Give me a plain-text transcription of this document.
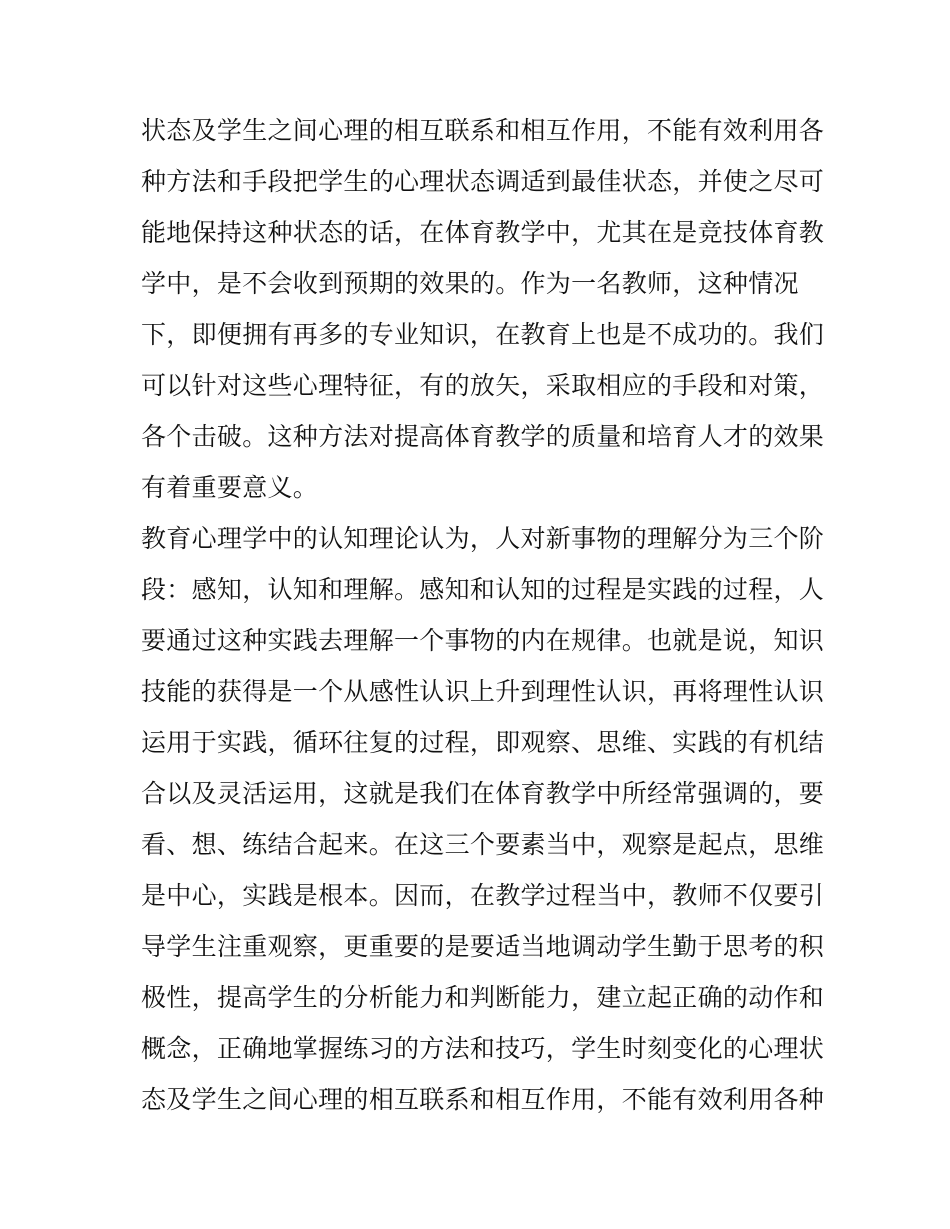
状态及学生之间心理的相互联系和相互作用，不能有效利用各
种方法和手段把学生的心理状态调适到最佳状态，并使之尽可
能地保持这种状态的话，在体育教学中，尤其在是竞技体育教
学中，是不会收到预期的效果的。作为一名教师，这种情况
下，即便拥有再多的专业知识，在教育上也是不成功的。我们
可以针对这些心理特征，有的放矢，采取相应的手段和对策，
各个击破。这种方法对提高体育教学的质量和培育人才的效果
有着重要意义。
教育心理学中的认知理论认为，人对新事物的理解分为三个阶
段：感知，认知和理解。感知和认知的过程是实践的过程，人
要通过这种实践去理解一个事物的内在规律。也就是说，知识
技能的获得是一个从感性认识上升到理性认识，再将理性认识
运用于实践，循环往复的过程，即观察、思维、实践的有机结
合以及灵活运用，这就是我们在体育教学中所经常强调的，要
看、想、练结合起来。在这三个要素当中，观察是起点，思维
是中心，实践是根本。因而，在教学过程当中，教师不仅要引
导学生注重观察，更重要的是要适当地调动学生勤于思考的积
极性，提高学生的分析能力和判断能力，建立起正确的动作和
概念，正确地掌握练习的方法和技巧，学生时刻变化的心理状
态及学生之间心理的相互联系和相互作用，不能有效利用各种
